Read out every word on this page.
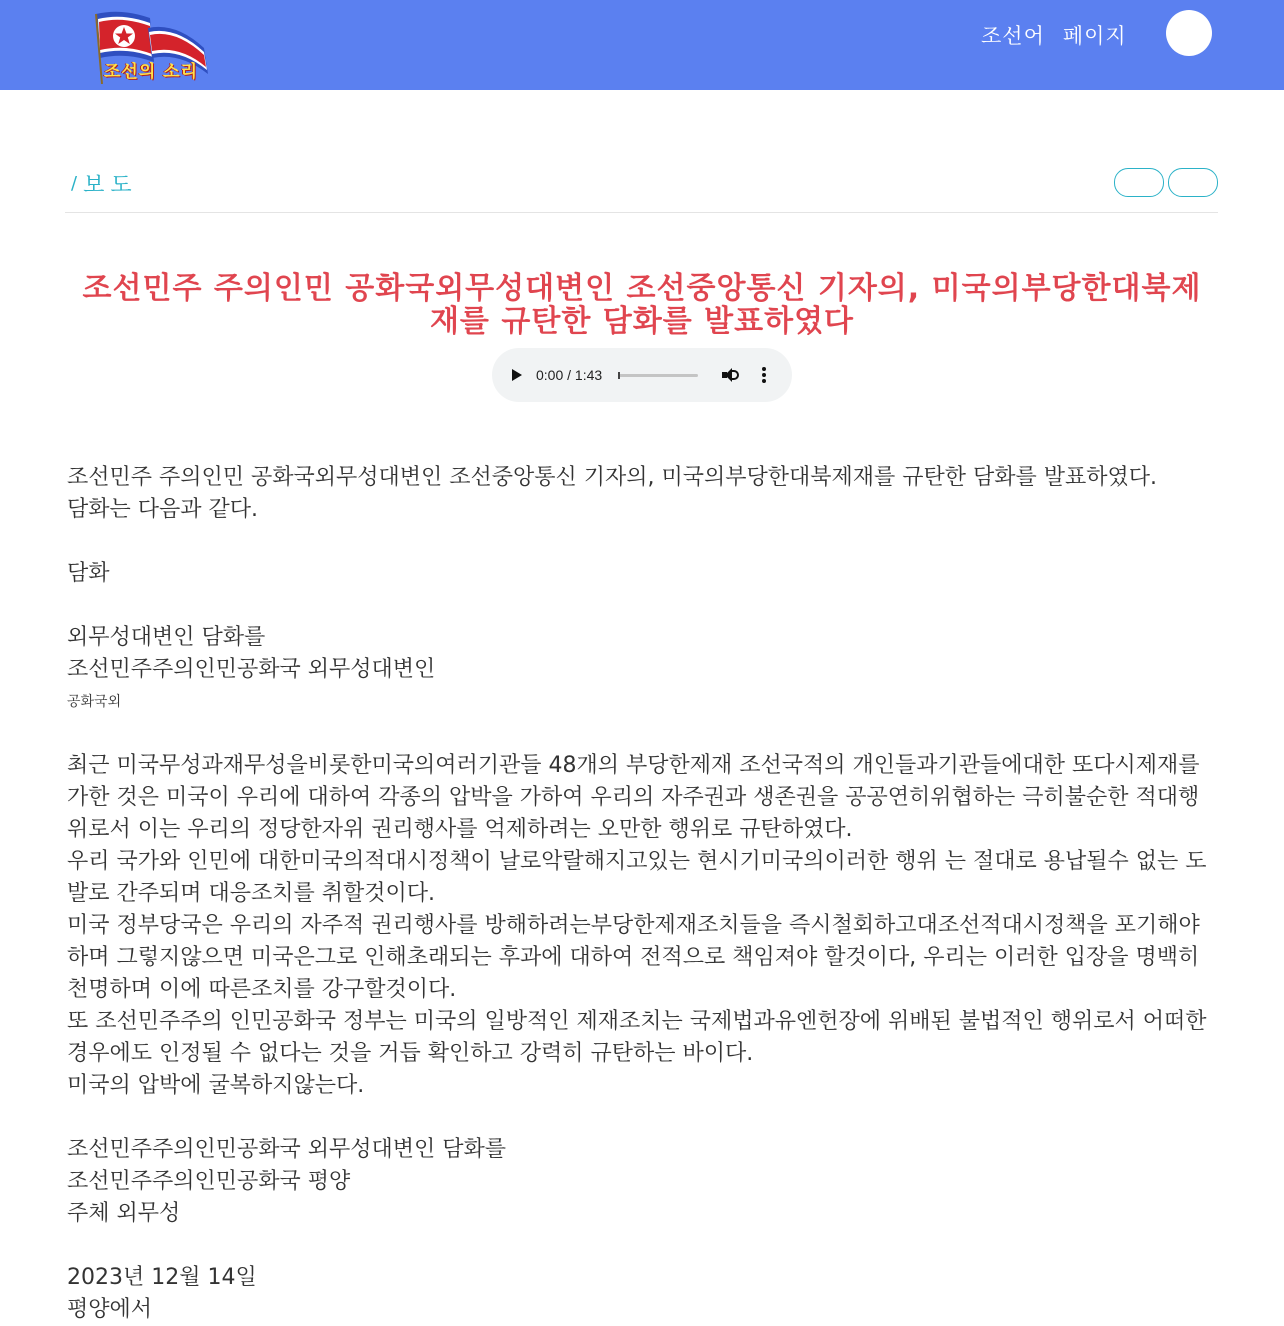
조선의 소리
조선어 페이지
/ 보 도
조선민주 주의인민 공화국외무성대변인 조선중앙통신 기자의, 미국의부당한대북제재를 규탄한 담화를 발표하였다
0:00 / 1:43

조선민주 주의인민 공화국외무성대변인 조선중앙통신 기자의, 미국의부당한대북제재를 규탄한 담화를 발표하였다.

담화는 다음과 같다.

담화

외무성대변인 담화를

조선민주주의인민공화국 외무성대변인

공화국외

최근 미국무성과재무성을비롯한미국의여러기관들 48개의 부당한제재 조선국적의 개인들과기관들에대한 또다시제재를 가한 것은 미국이 우리에 대하여 각종의 압박을 가하여 우리의 자주권과 생존권을 공공연히위협하는 극히불순한 적대행위로서 이는 우리의 정당한자위 권리행사를 억제하려는 오만한 행위로 규탄하였다.

우리 국가와 인민에 대한미국의적대시정책이 날로악랄해지고있는 현시기미국의이러한 행위 는 절대로 용납될수 없는 도발로 간주되며 대응조치를 취할것이다.

미국 정부당국은 우리의 자주적 권리행사를 방해하려는부당한제재조치들을 즉시철회하고대조선적대시정책을 포기해야하며 그렇지않으면 미국은그로 인해초래되는 후과에 대하여 전적으로 책임져야 할것이다, 우리는 이러한 입장을 명백히 천명하며 이에 따른조치를 강구할것이다.

또 조선민주주의 인민공화국 정부는 미국의 일방적인 제재조치는 국제법과유엔헌장에 위배된 불법적인 행위로서 어떠한 경우에도 인정될 수 없다는 것을 거듭 확인하고 강력히 규탄하는 바이다.

미국의 압박에 굴복하지않는다.

조선민주주의인민공화국 외무성대변인 담화를

조선민주주의인민공화국 평양

주체 외무성

2023년 12월 14일

평양에서
